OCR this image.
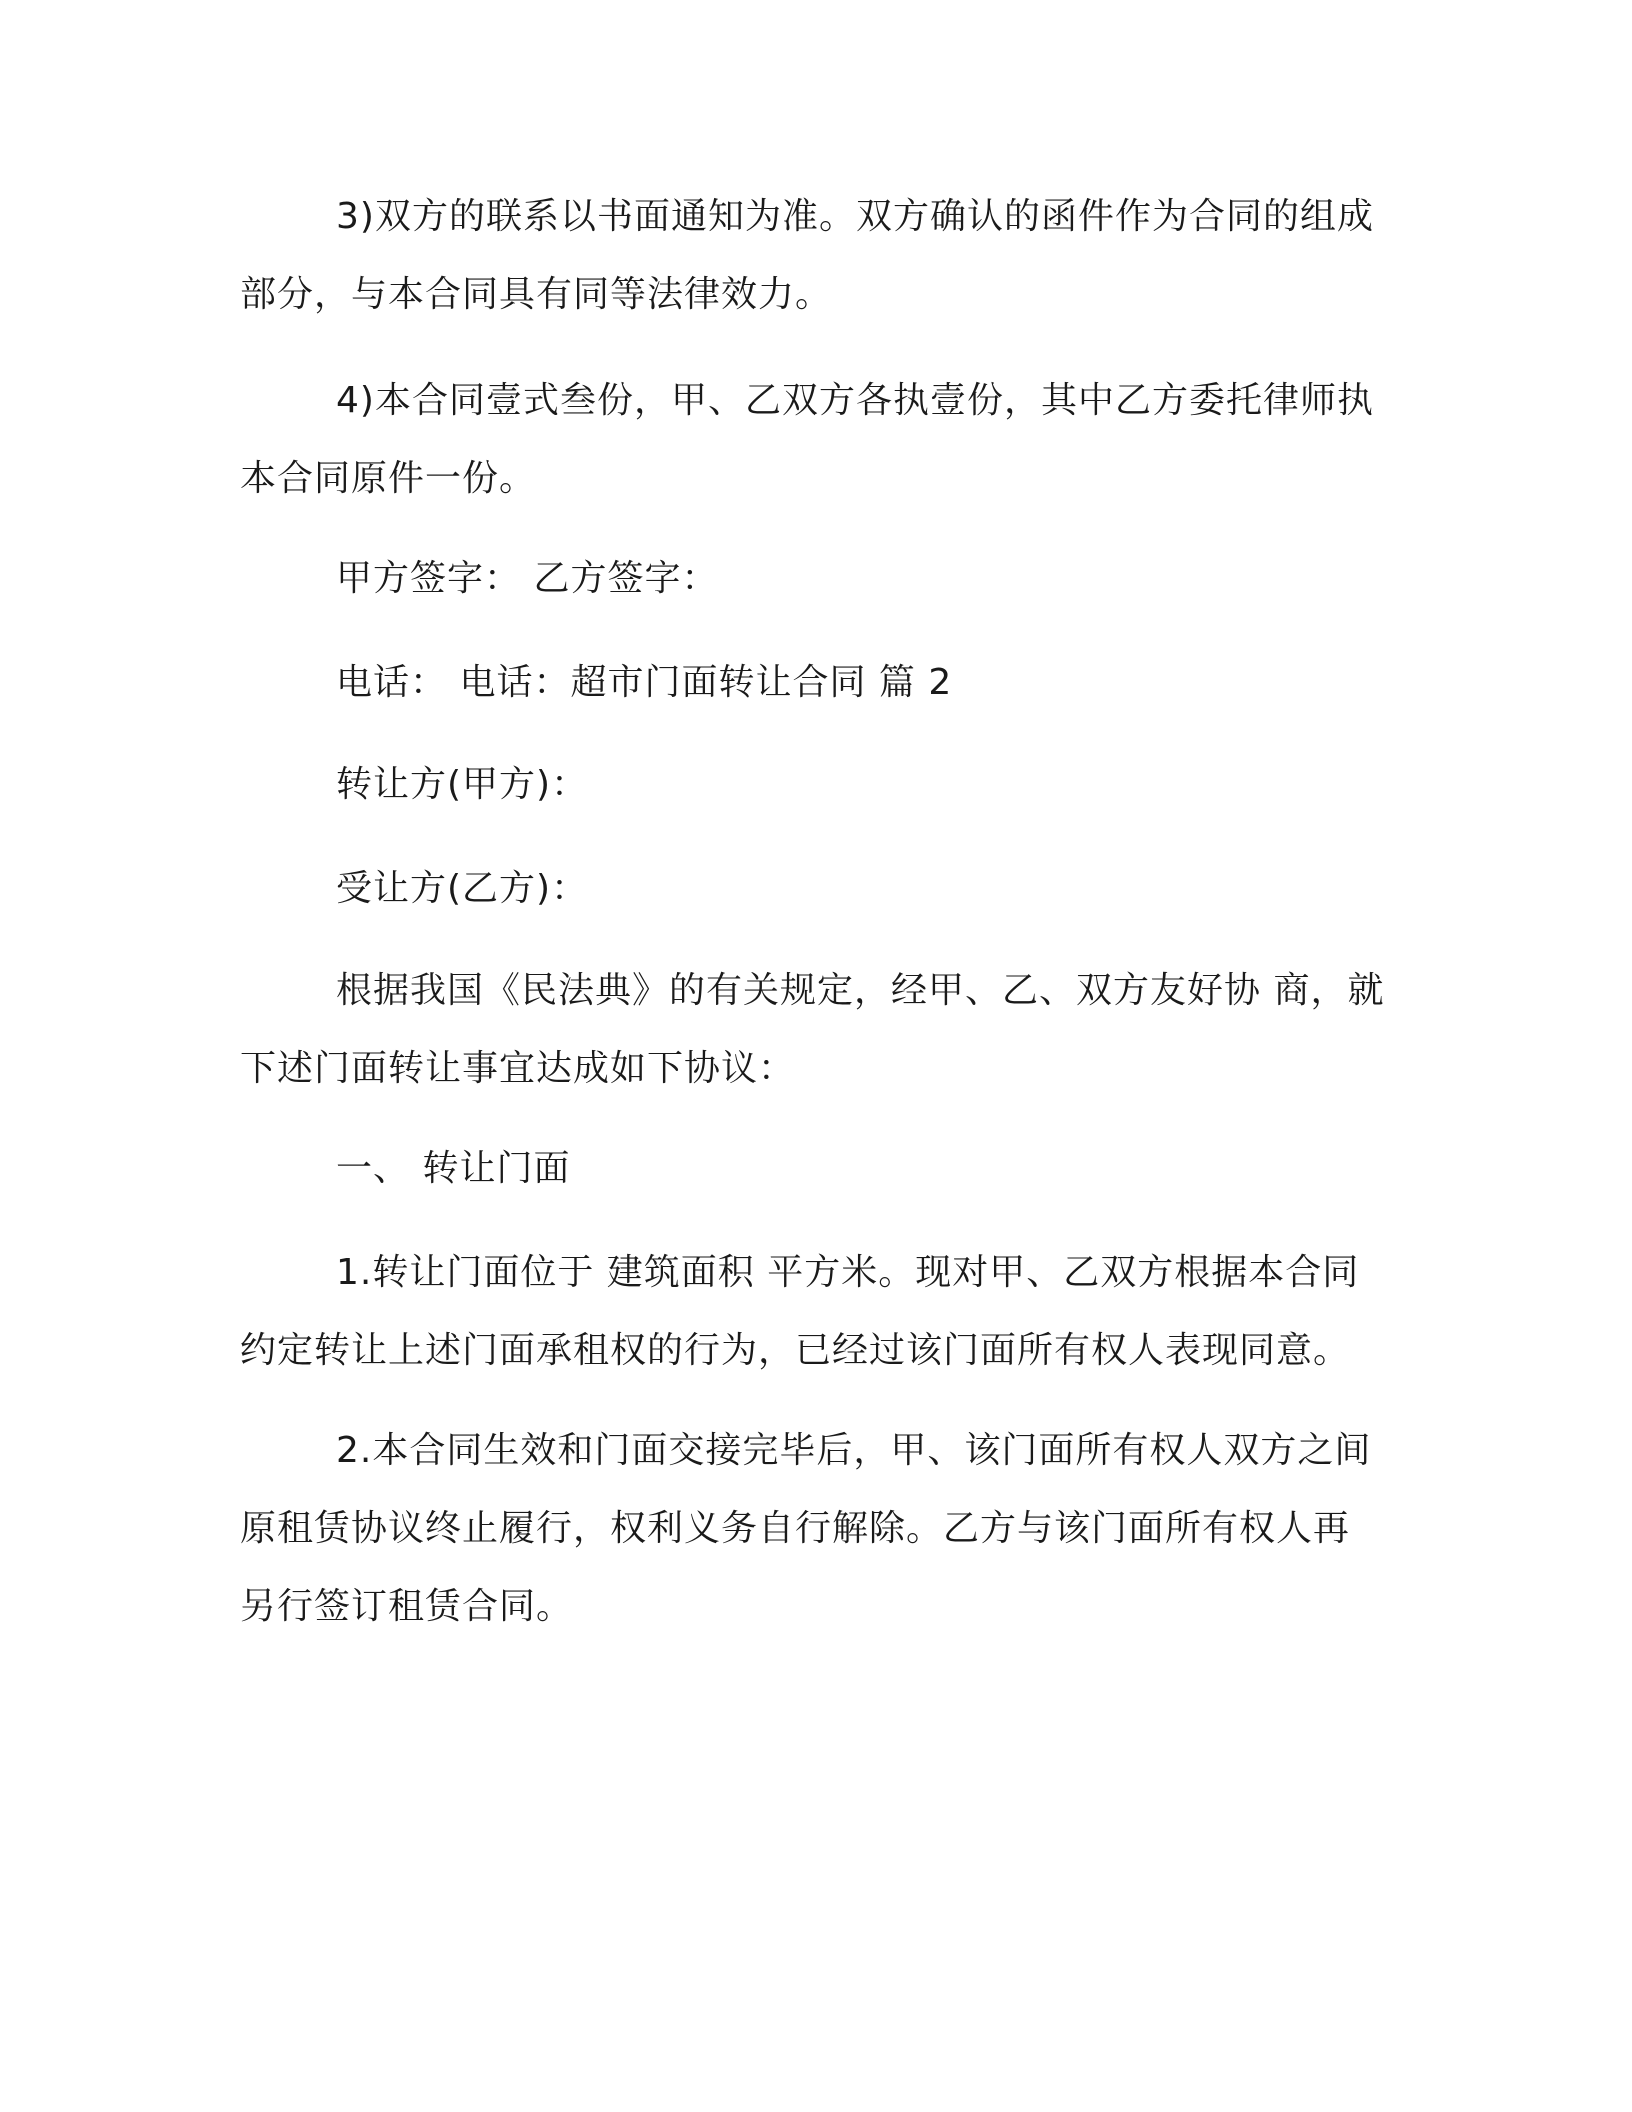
3)双方的联系以书面通知为准。双方确认的函件作为合同的组成
部分，与本合同具有同等法律效力。
4)本合同壹式叁份，甲、乙双方各执壹份，其中乙方委托律师执
本合同原件一份。

甲方签字： 乙方签字：

电话： 电话：超市门面转让合同 篇 2

转让方(甲方)：

受让方(乙方)：

根据我国《民法典》的有关规定，经甲、乙、双方友好协 商，就
下述门面转让事宜达成如下协议：

一、 转让门面

1.转让门面位于 建筑面积 平方米。现对甲、乙双方根据本合同
约定转让上述门面承租权的行为，已经过该门面所有权人表现同意。
2.本合同生效和门面交接完毕后，甲、该门面所有权人双方之间
原租赁协议终止履行，权利义务自行解除。乙方与该门面所有权人再
另行签订租赁合同。
